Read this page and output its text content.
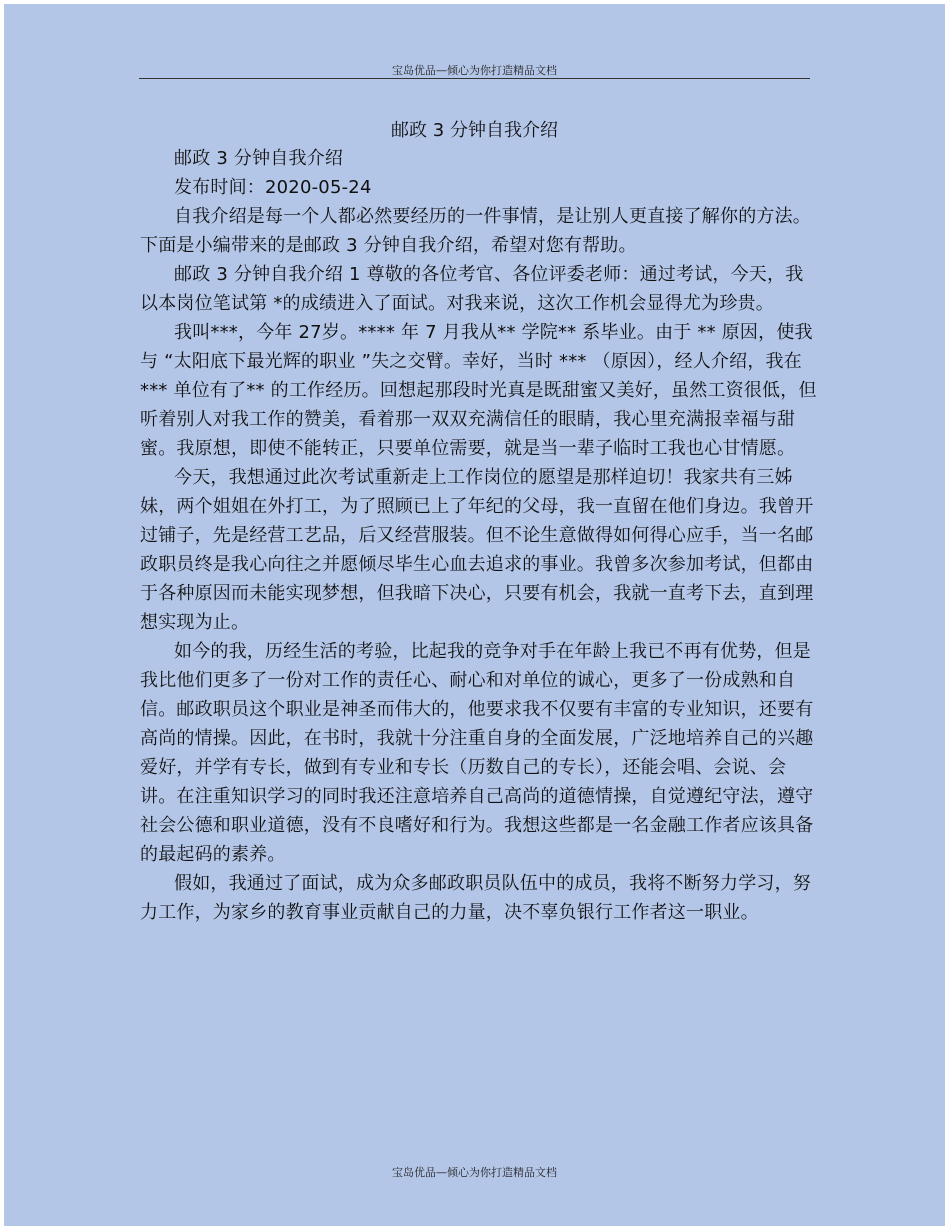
宝岛优品—倾心为你打造精品文档
邮政 3 分钟自我介绍

邮政 3 分钟自我介绍

发布时间：2020-05-24

自我介绍是每一个人都必然要经历的一件事情，是让别人更直接了解你的方法。下面是小编带来的是邮政 3 分钟自我介绍，希望对您有帮助。

邮政 3 分钟自我介绍 1 尊敬的各位考官、各位评委老师：通过考试，今天，我以本岗位笔试第 *的成绩进入了面试。对我来说，这次工作机会显得尤为珍贵。

我叫***，今年 27岁。**** 年 7 月我从** 学院** 系毕业。由于 ** 原因，使我与 “太阳底下最光辉的职业 ”失之交臂。幸好，当时 *** （原因），经人介绍，我在 *** 单位有了** 的工作经历。回想起那段时光真是既甜蜜又美好，虽然工资很低，但听着别人对我工作的赞美，看着那一双双充满信任的眼睛，我心里充满报幸福与甜蜜。我原想，即使不能转正，只要单位需要，就是当一辈子临时工我也心甘情愿。

今天，我想通过此次考试重新走上工作岗位的愿望是那样迫切！我家共有三姊妹，两个姐姐在外打工，为了照顾已上了年纪的父母，我一直留在他们身边。我曾开过铺子，先是经营工艺品，后又经营服装。但不论生意做得如何得心应手，当一名邮政职员终是我心向往之并愿倾尽毕生心血去追求的事业。我曾多次参加考试，但都由于各种原因而未能实现梦想，但我暗下决心，只要有机会，我就一直考下去，直到理想实现为止。

如今的我，历经生活的考验，比起我的竞争对手在年龄上我已不再有优势，但是我比他们更多了一份对工作的责任心、耐心和对单位的诚心，更多了一份成熟和自信。邮政职员这个职业是神圣而伟大的，他要求我不仅要有丰富的专业知识，还要有高尚的情操。因此，在书时，我就十分注重自身的全面发展，广泛地培养自己的兴趣爱好，并学有专长，做到有专业和专长（历数自己的专长），还能会唱、会说、会讲。在注重知识学习的同时我还注意培养自己高尚的道德情操，自觉遵纪守法，遵守社会公德和职业道德，没有不良嗜好和行为。我想这些都是一名金融工作者应该具备的最起码的素养。

假如，我通过了面试，成为众多邮政职员队伍中的成员，我将不断努力学习，努力工作，为家乡的教育事业贡献自己的力量，决不辜负银行工作者这一职业。

宝岛优品—倾心为你打造精品文档
